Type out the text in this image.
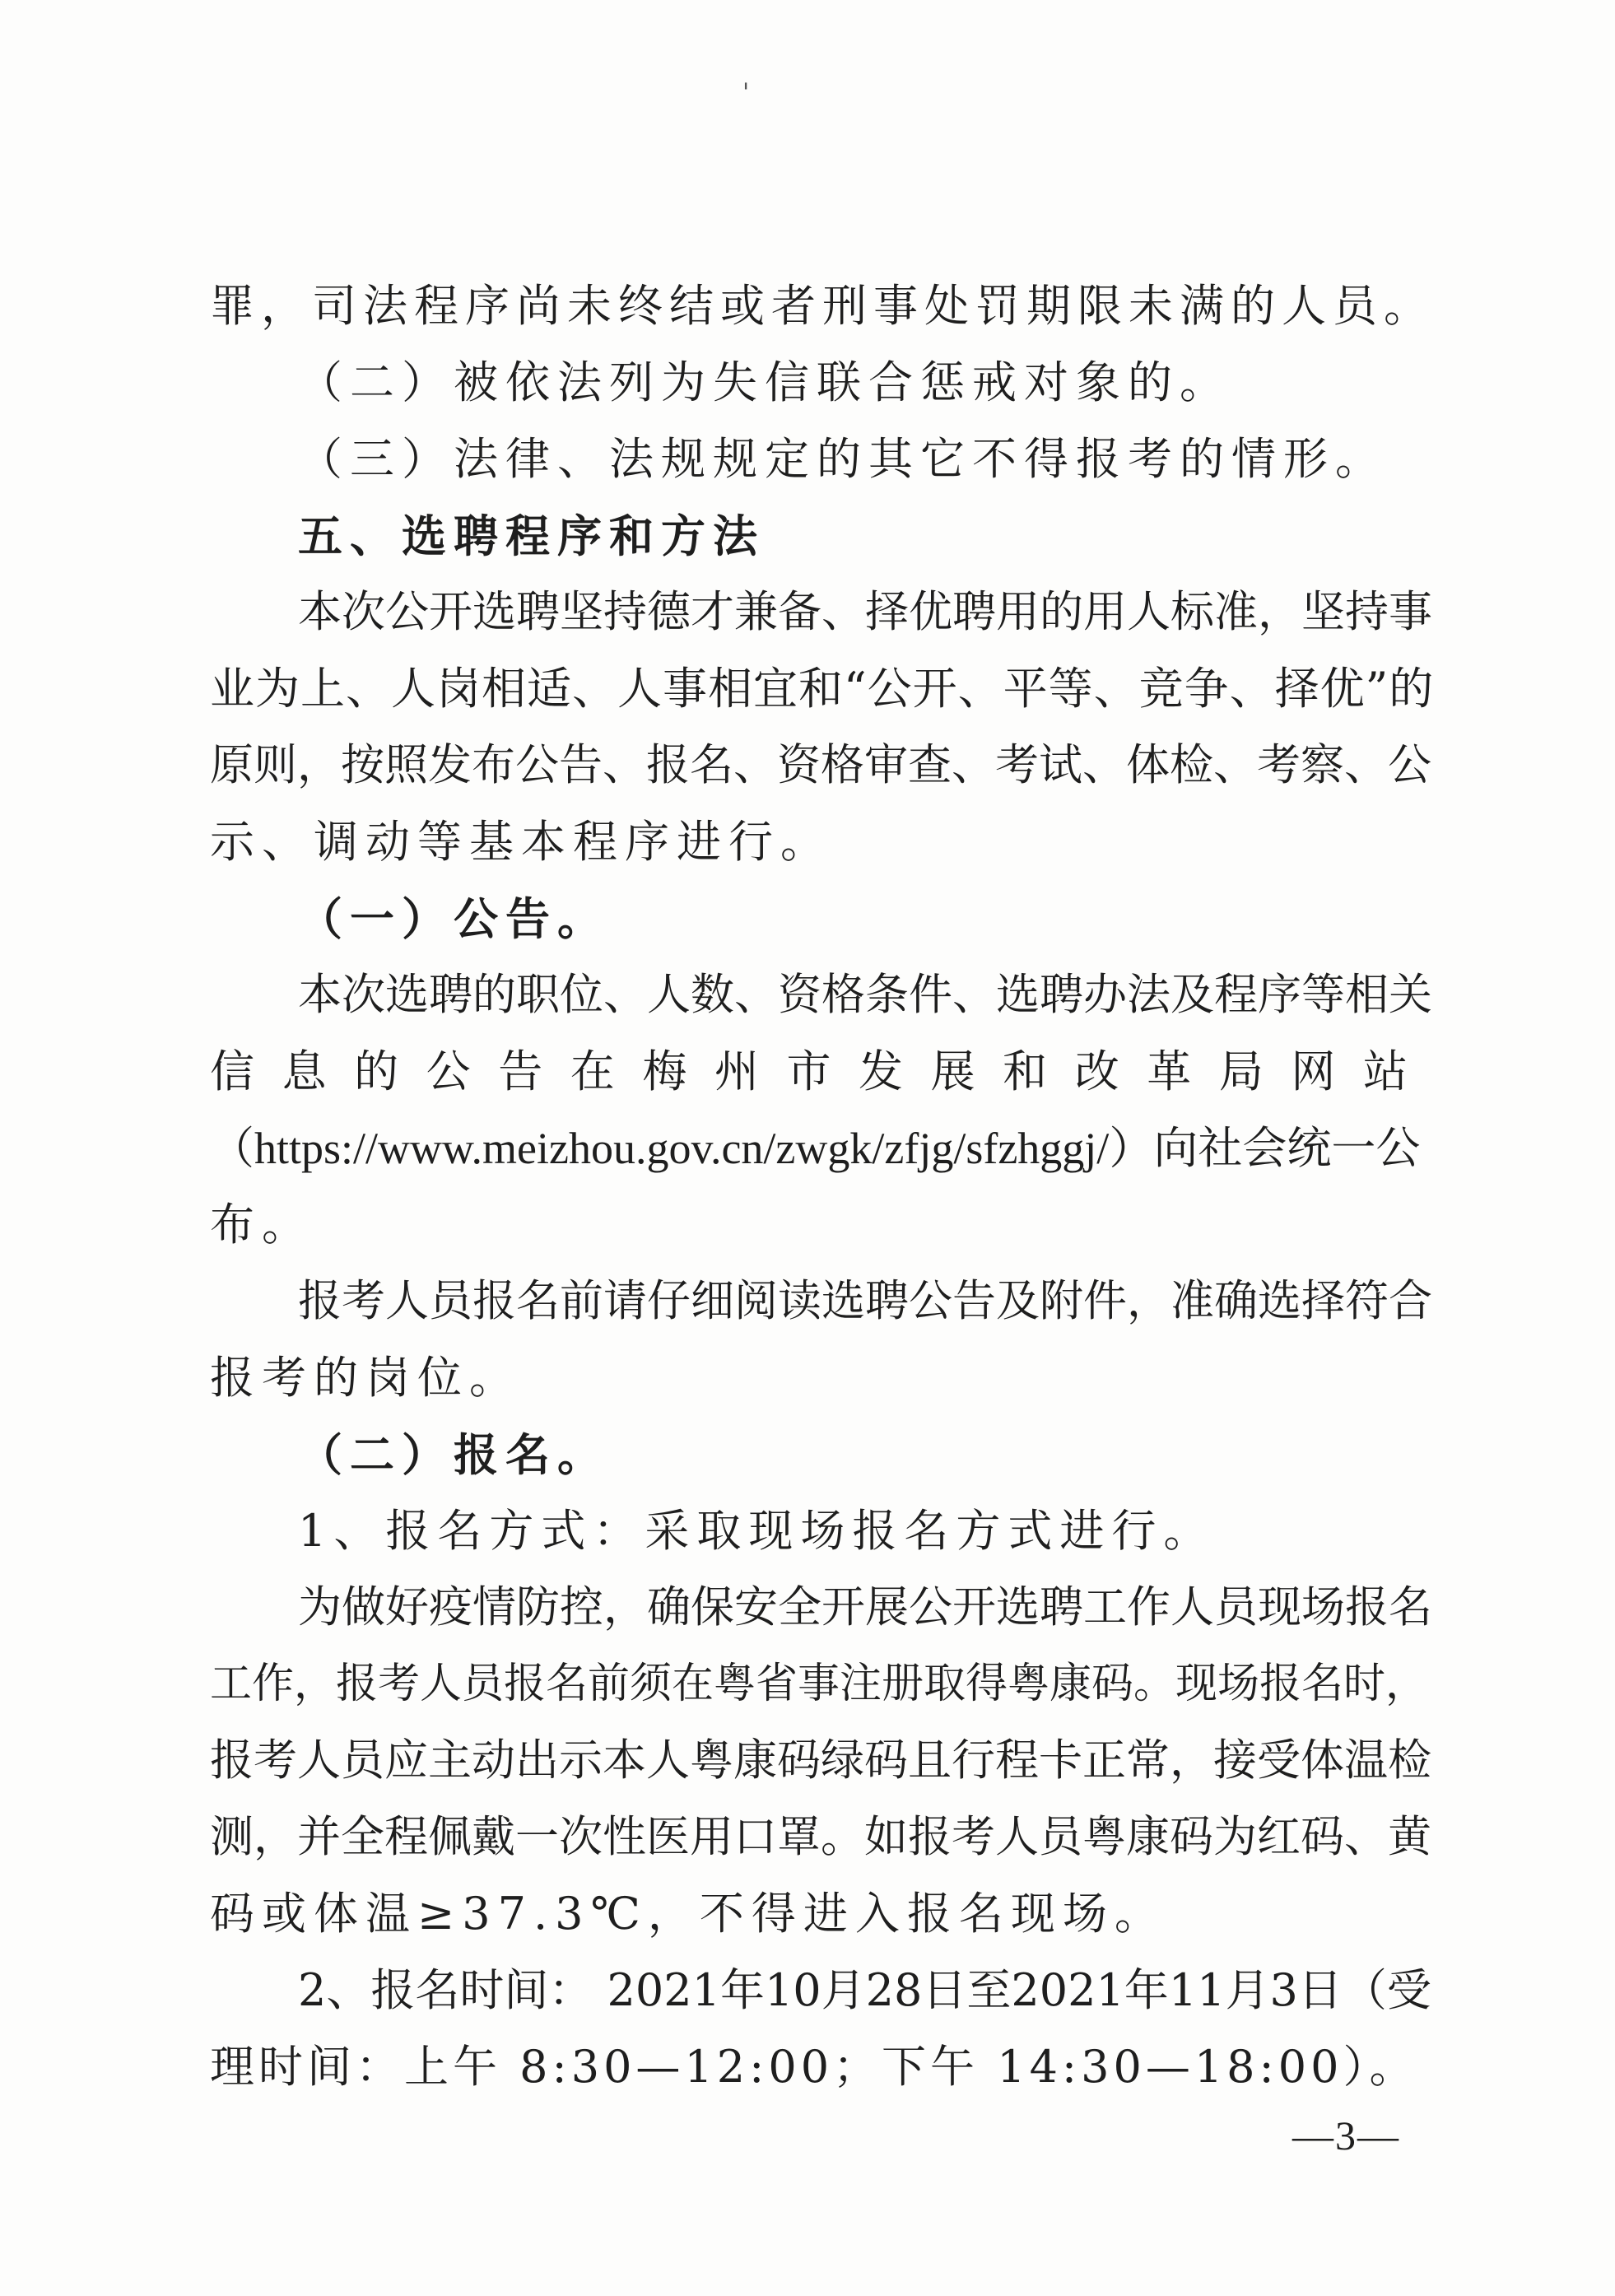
'
罪，司法程序尚未终结或者刑事处罚期限未满的人员。
（二）被依法列为失信联合惩戒对象的。
（三）法律、法规规定的其它不得报考的情形。
五、选聘程序和方法
本次公开选聘坚持德才兼备、择优聘用的用人标准，坚持事
业为上、人岗相适、人事相宜和“公开、平等、竞争、择优”的
原则，按照发布公告、报名、资格审查、考试、体检、考察、公
示、调动等基本程序进行。
（一）公告。
本次选聘的职位、人数、资格条件、选聘办法及程序等相关
信息的公告在梅州市发展和改革局网站
（https://www.meizhou.gov.cn/zwgk/zfjg/sfzhggj/）向社会统一公
布。
报考人员报名前请仔细阅读选聘公告及附件，准确选择符合
报考的岗位。
（二）报名。
1、报名方式：采取现场报名方式进行。
为做好疫情防控，确保安全开展公开选聘工作人员现场报名
工作，报考人员报名前须在粤省事注册取得粤康码。现场报名时，
报考人员应主动出示本人粤康码绿码且行程卡正常，接受体温检
测，并全程佩戴一次性医用口罩。如报考人员粤康码为红码、黄
码或体温≥37.3℃，不得进入报名现场。
2、报名时间： 2021年10月28日至2021年11月3日（受
理时间：上午 8:30—12:00；下午 14:30—18:00）。
—3—
